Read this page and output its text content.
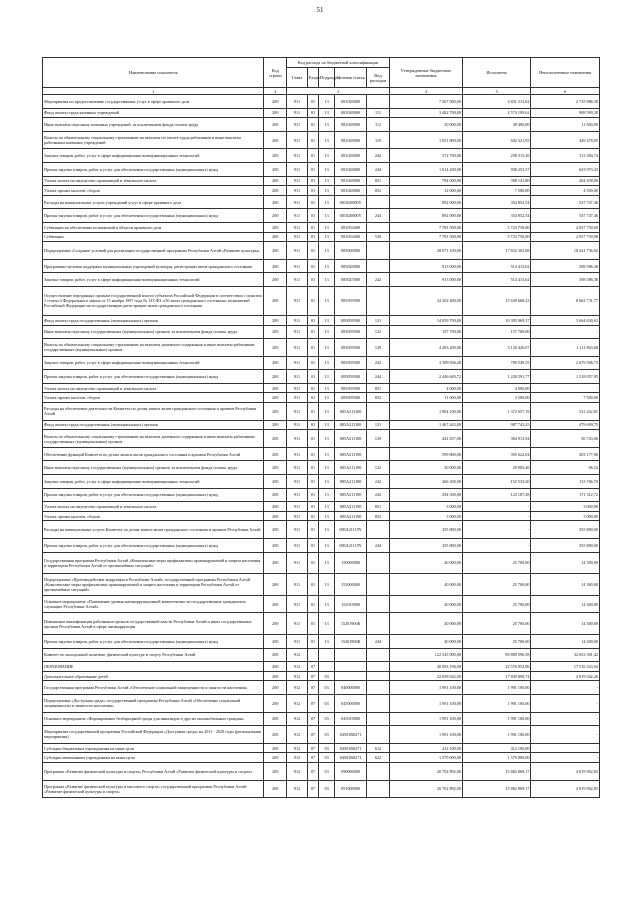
51
Наименование показателя	Код строки	Код расхода по бюджетной классификации					Утвержденные бюджетные назначения	Исполнено	Неисполненные назначения
		Глава	Раздел	Подраздел	Целевая статья	Вид расходов			
1	2	3					4	5	6
Мероприятия по предоставлению государственных услуг в сфере архивного дела	200	911	01	13	081020000		7 567 500,00	4 831 513,62	2 735 986,38
Фонд оплаты труда казенных учреждений	200	911	01	13	081020000	111	3 482 700,00	2 574 109,62	908 590,38
Иные выплаты персоналу казенных учреждений, за исключением фонда оплаты труда	200	911	01	13	081020000	112	50 000,00	38 400,00	11 600,00
Взносы по обязательному социальному страхованию на выплаты по оплате труда работников и иные выплаты работникам казенных учреждений	200	911	01	13	081020000	119	1 051 800,00	602 321,95	449 478,05
Закупка товаров, работ, услуг в сфере информационно-коммуникационных технологий	200	911	01	13	081020000	242	572 700,00	258 315,26	313 384,74
Прочая закупка товаров, работ и услуг для обеспечения государственных (муниципальных) нужд	200	911	01	13	081020000	244	1 614 200,00	938 253,57	643 973,43
Уплата налога на имущество организаций и земельного налога	200	911	01	13	081020000	851	784 000,00	398 141,80	404 458,00
Уплата прочих налогов, сборов	200	911	01	13	081020000	852	12 000,00	7 500,00	4 500,00
Расходы на коммунальные услуги учреждений услуг в сфере архивного дела	200	911	01	13	081020000Y		892 000,00	354 852,54	537 747,46
Прочая закупка товаров, работ и услуг для обеспечения государственных (муниципальных) нужд	200	911	01	13	081020000Y	244	892 000,00	354 852,54	537 747,46
Субвенции на обеспечение полномочий в области архивного дела	200	911	01	13	081054400		7 781 500,00	5 723 750,00	2 057 750,00
Субвенции	200	911	01	13	081054400	530	7 781 500,00	5 723 750,00	2 057 750,00
Подпрограмма «Создание условий для реализации государственной программы Республики Алтай «Развитие культуры»	200	911	01	13	085000000		28 071 100,00	17 832 363,08	10 241 736,92
Программно-целевая поддержка муниципальных учреждений культуры, регистрации актов гражданского состояния	200	911	01	13	085020000		913 000,00	514 413,62	398 586,38
Закупка товаров, работ, услуг в сфере информационно-коммуникационных технологий	200	911	01	13	085027000	242	913 000,00	514 413,62	398 586,38
Осуществление переданных органам государственной власти субъектов Российской Федерации в соответствии с пунктом 1 статьи 4 Федерального закона от 15 ноября 1997 года № 143-ФЗ «Об актах гражданского состояния» полномочий Российской Федерации на государственную регистрацию актов гражданского состояния	200	911	01	13	085059300		24 302 400,00	15 639 668,23	8 662 731,77
Фонд оплаты труда государственных (муниципальных) органов	200	911	01	13	085059300	121	14 059 700,00	10 395 069,37	3 664 630,63
Иные выплаты персоналу государственных (муниципальных) органов, за исключением фонда оплаты труда	200	911	01	13	085059300	122	157 700,00	157 700,00	-
Взносы по обязательному социальному страхованию на выплаты денежного содержания и иные выплаты работникам государственных (муниципальных) органов	200	911	01	13	085059300	129	4 283 200,00	3 120 426,07	1 111 863,08
Закупка товаров, работ, услуг в сфере информационно-коммуникационных технологий	200	911	01	13	085059300	242	3 389 036,28	709 549,55	2 679 506,73
Прочая закупка товаров, работ и услуг для обеспечения государственных (муниципальных) нужд	200	911	01	13	085059300	244	2 446 649,72	1 228 591,77	1 218 057,95
Уплата налога на имущество организаций и земельного налога	200	911	01	13	085059300	851	4 000,00	4 000,00	-
Уплата прочих налогов, сборов	200	911	01	13	085059300	852	11 000,00	3 500,00	7 500,00
Расходы на обеспечение деятельности Комитета по делам записи актов гражданского состояния и архивов Республики Алтай	200	911	01	13	085А211100		1 904 100,00	1 372 657,19	531 442,81
Фонд оплаты труда государственных (муниципальных) органов	200	911	01	13	085А211100	121	1 467 443,00	987 743,25	479 699,75
Взносы по обязательному социальному страхованию на выплаты денежного содержания и иные выплаты работникам государственных (муниципальных) органов	200	911	01	13	085А211100	129	441 657,00	384 913,94	56 743,06
Обеспечение функций Комитета по делам записи актов гражданского состояния и архивов Республики Алтай	200	911	01	13	085А211190		599 800,00	395 622,04	203 177,96
Иные выплаты персоналу государственных (муниципальных) органов, за исключением фонда оплаты труда	200	911	01	13	085А211190	122	30 000,00	29 903,46	96,54
Закупка товаров, работ, услуг в сфере информационно-коммуникационных технологий	200	911	01	13	085А211190	242	266 300,00	152 533,30	113 766,70
Прочая закупка товаров, работ и услуг для обеспечения государственных (муниципальных) нужд	200	911	01	13	085А211190	244	294 500,00	123 187,28	171 312,72
Уплата налога на имущество организаций и земельного налога	200	911	01	13	085А211190	851	3 000,00	-	3 000,00
Уплата прочих налогов, сборов	200	911	01	13	085А211190	852	3 000,00	-	3 000,00
Расходы на коммунальные услуги Комитета по делам записи актов гражданского состояния и архивов Республики Алтай	200	911	01	13	085А21119Y		355 800,00	-	355 800,00
Прочая закупка товаров, работ и услуг для обеспечения государственных (муниципальных) нужд	200	911	01	13	085А21119Y	244	355 800,00	-	355 800,00
Государственная программа Республики Алтай «Комплексные меры профилактики правонарушений и защита населения и территории Республики Алтай от чрезвычайных ситуаций»	200	911	01	13	150000000		40 000,00	25 700,00	14 300,00
Подпрограмма «Противодействие коррупции в Республике Алтай» государственной программы Республики Алтай «Комплексные меры профилактики правонарушений и защита населения и территории Республики Алтай от чрезвычайных ситуаций»	200	911	01	13	152000000		40 000,00	25 700,00	14 300,00
Основное мероприятие «Повышение уровня антикоррупционной компетентности государственных гражданских служащих Республики Алтай»	200	911	01	13	152010000		40 000,00	25 700,00	14 300,00
Повышение квалификации работников органов государственной власти Республики Алтай и иных государственных органов Республики Алтай в сфере антикоррупции	200	911	01	13	15201900К		40 000,00	25 700,00	14 300,00
Прочая закупка товаров, работ и услуг для обеспечения государственных (муниципальных) нужд	200	911	01	13	15201900К	244	40 000,00	25 700,00	14 300,00
Комитет по молодежной политике, физической культуре и спорту Республики Алтай	200	912					122 543 900,00	89 889 596,58	32 653 301,42
ОБРАЗОВАНИЕ	200	912	07				40 093 196,00	22 576 852,96	17 516 343,04
Дополнительное образование детей	200	912	07	03			22 658 942,00	17 839 899,74	4 819 042,26
Государственная программа Республики Алтай «Обеспечение социальной защищенности и занятости населения»	200	912	07	03	040000000		1 991 100,00	1 991 100,00	-
Подпрограмма «Доступная среда» государственной программы Республики Алтай «Обеспечение социальной защищенности и занятости населения»	200	912	07	03	045000000		1 991 100,00	1 991 100,00	-
Основное мероприятие «Формирование безбарьерной среды для инвалидов и других маломобильных граждан»	200	912	07	03	045010000		1 991 100,00	1 991 100,00	-
Мероприятия государственной программы Российской Федерации «Доступная среда» на 2011 - 2020 годы (региональные мероприятия)	200	912	07	03	04501R0271		1 991 100,00	1 991 100,00	-
Субсидии бюджетным учреждениям на иные цели	200	912	07	03	04501R0271	612	412 100,00	412 100,00	-
Субсидии автономным учреждениям на иные цели	200	912	07	03	04501R0271	622	1 579 000,00	1 579 000,00	-
Программа «Развитие физической культуры и спорта» Республики Алтай «Развитие физической культуры и спорта»	200	912	07	03	090000000		20 702 892,00	15 882 869,17	4 819 902,83
Программа «Развитие физической культуры и массового спорта» государственной программы Республики Алтай «Развитие физической культуры и спорта»	200	912	07	03	091000000		20 702 892,00	15 882 869,17	4 819 902,83
